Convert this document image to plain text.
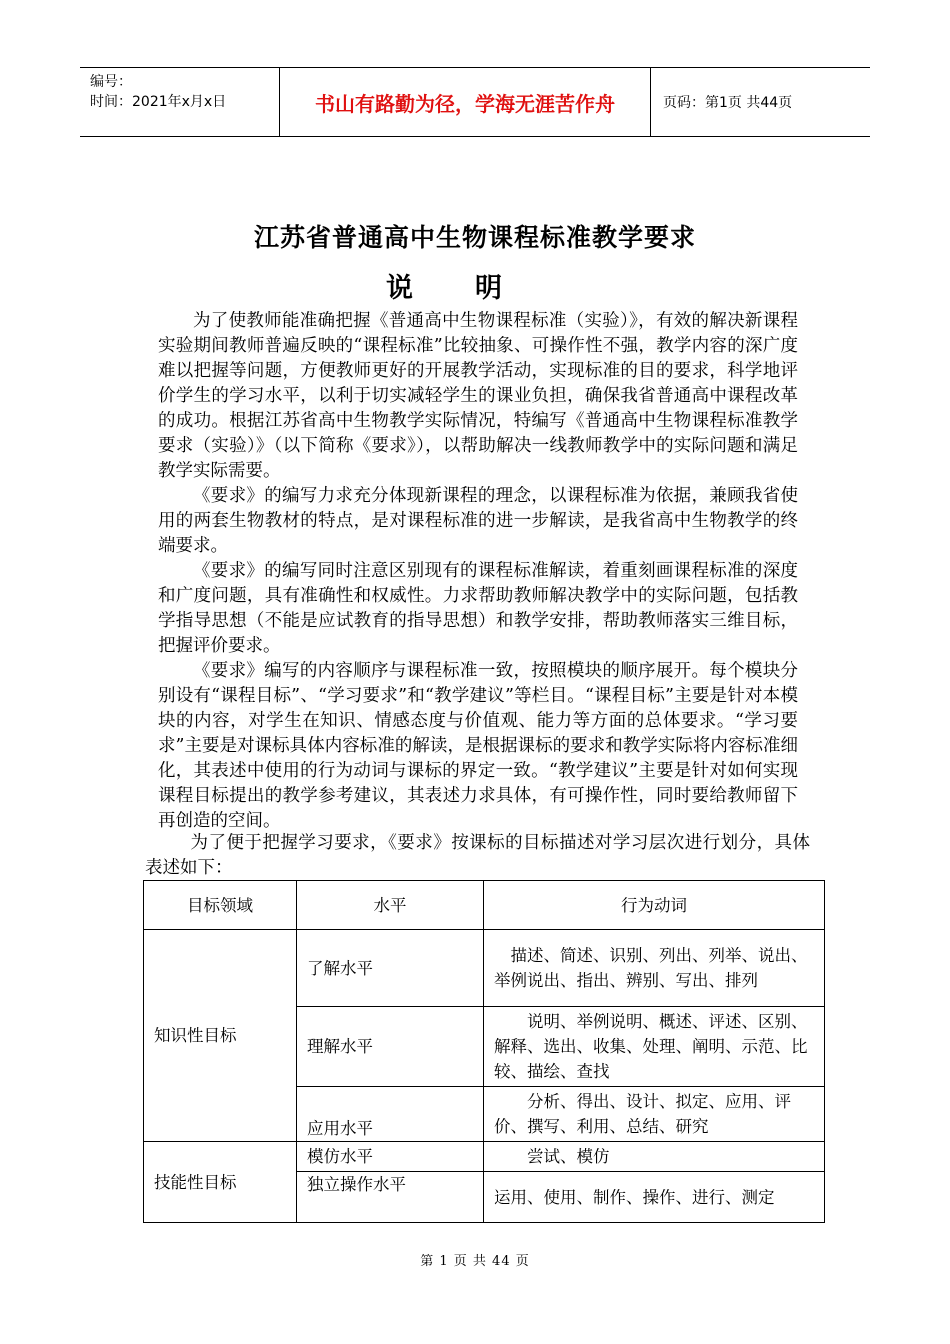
编号：
时间：2021年x月x日	书山有路勤为径，学海无涯苦作舟	页码：第1页 共44页
江苏省普通高中生物课程标准教学要求
说明

为了使教师能准确把握《普通高中生物课程标准（实验）》，有效的解决新课程实验期间教师普遍反映的“课程标准”比较抽象、可操作性不强，教学内容的深广度难以把握等问题，方便教师更好的开展教学活动，实现标准的目的要求，科学地评价学生的学习水平，以利于切实减轻学生的课业负担，确保我省普通高中课程改革的成功。根据江苏省高中生物教学实际情况，特编写《普通高中生物课程标准教学要求（实验）》（以下简称《要求》），以帮助解决一线教师教学中的实际问题和满足教学实际需要。

《要求》的编写力求充分体现新课程的理念，以课程标准为依据，兼顾我省使用的两套生物教材的特点，是对课程标准的进一步解读，是我省高中生物教学的终端要求。

《要求》的编写同时注意区别现有的课程标准解读，着重刻画课程标准的深度和广度问题，具有准确性和权威性。力求帮助教师解决教学中的实际问题，包括教学指导思想（不能是应试教育的指导思想）和教学安排，帮助教师落实三维目标，把握评价要求。

《要求》编写的内容顺序与课程标准一致，按照模块的顺序展开。每个模块分别设有“课程目标”、“学习要求”和“教学建议”等栏目。“课程目标”主要是针对本模块的内容，对学生在知识、情感态度与价值观、能力等方面的总体要求。“学习要求”主要是对课标具体内容标准的解读，是根据课标的要求和教学实际将内容标准细化，其表述中使用的行为动词与课标的界定一致。“教学建议”主要是针对如何实现课程目标提出的教学参考建议，其表述力求具体，有可操作性，同时要给教师留下再创造的空间。

为了便于把握学习要求，《要求》按课标的目标描述对学习层次进行划分，具体表述如下：

目标领域	水平	行为动词
知识性目标	了解水平	描述、简述、识别、列出、列举、说出、举例说出、指出、辨别、写出、排列
	理解水平	说明、举例说明、概述、评述、区别、解释、选出、收集、处理、阐明、示范、比较、描绘、查找
	应用水平	分析、得出、设计、拟定、应用、评价、撰写、利用、总结、研究
技能性目标	模仿水平	尝试、模仿
	独立操作水平	运用、使用、制作、操作、进行、测定
第 1 页 共 44 页
